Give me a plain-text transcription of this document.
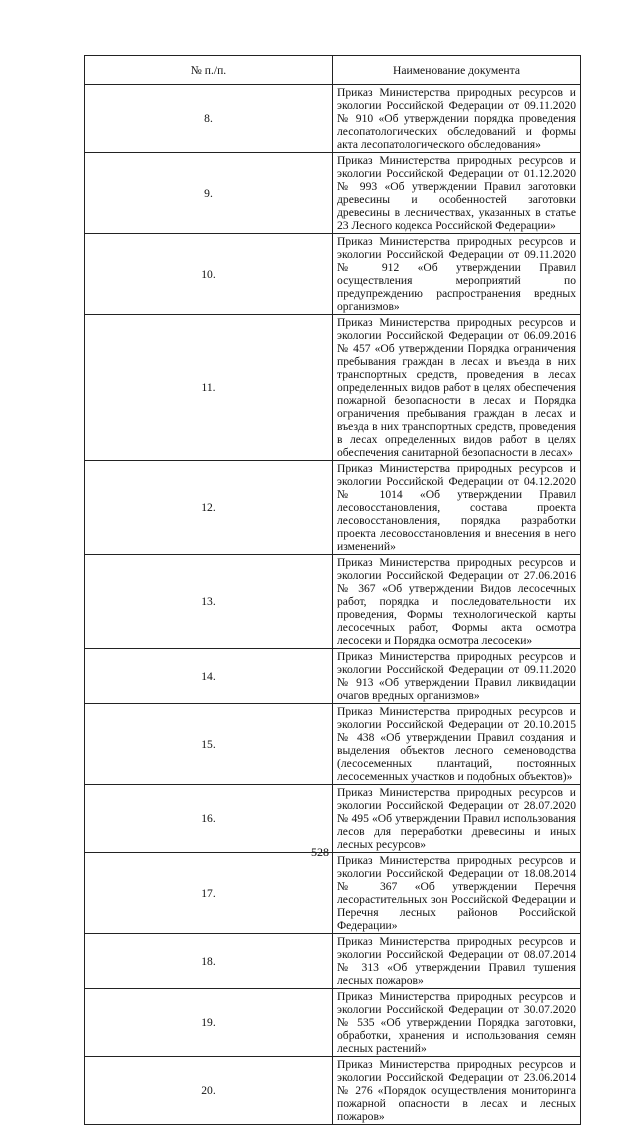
№ п./п.	Наименование документа
8.	Приказ Министерства природных ресурсов и экологии Российской Федерации от 09.11.2020 № 910 «Об утверждении порядка проведения лесопатологических обследований и формы акта лесопатологического обследования»
9.	Приказ Министерства природных ресурсов и экологии Российской Федерации от 01.12.2020 № 993 «Об утверждении Правил заготовки древесины и особенностей заготовки древесины в лесничествах, указанных в статье 23 Лесного кодекса Российской Федерации»
10.	Приказ Министерства природных ресурсов и экологии Российской Федерации от 09.11.2020 № 912 «Об утверждении Правил осуществления мероприятий по предупреждению распространения вредных организмов»
11.	Приказ Министерства природных ресурсов и экологии Российской Федерации от 06.09.2016 № 457 «Об утверждении Порядка ограничения пребывания граждан в лесах и въезда в них транспортных средств, проведения в лесах определенных видов работ в целях обеспечения пожарной безопасности в лесах и Порядка ограничения пребывания граждан в лесах и въезда в них транспортных средств, проведения в лесах определенных видов работ в целях обеспечения санитарной безопасности в лесах»
12.	Приказ Министерства природных ресурсов и экологии Российской Федерации от 04.12.2020 № 1014 «Об утверждении Правил лесовосстановления, состава проекта лесовосстановления, порядка разработки проекта лесовосстановления и внесения в него изменений»
13.	Приказ Министерства природных ресурсов и экологии Российской Федерации от 27.06.2016 № 367 «Об утверждении Видов лесосечных работ, порядка и последовательности их проведения, Формы технологической карты лесосечных работ, Формы акта осмотра лесосеки и Порядка осмотра лесосеки»
14.	Приказ Министерства природных ресурсов и экологии Российской Федерации от 09.11.2020 № 913 «Об утверждении Правил ликвидации очагов вредных организмов»
15.	Приказ Министерства природных ресурсов и экологии Российской Федерации от 20.10.2015 № 438 «Об утверждении Правил создания и выделения объектов лесного семеноводства (лесосеменных плантаций, постоянных лесосеменных участков и подобных объектов)»
16.	Приказ Министерства природных ресурсов и экологии Российской Федерации от 28.07.2020 № 495 «Об утверждении Правил использования лесов для переработки древесины и иных лесных ресурсов»
17.	Приказ Министерства природных ресурсов и экологии Российской Федерации от 18.08.2014 № 367 «Об утверждении Перечня лесорастительных зон Российской Федерации и Перечня лесных районов Российской Федерации»
18.	Приказ Министерства природных ресурсов и экологии Российской Федерации от 08.07.2014 № 313 «Об утверждении Правил тушения лесных пожаров»
19.	Приказ Министерства природных ресурсов и экологии Российской Федерации от 30.07.2020 № 535 «Об утверждении Порядка заготовки, обработки, хранения и использования семян лесных растений»
20.	Приказ Министерства природных ресурсов и экологии Российской Федерации от 23.06.2014 № 276 «Порядок осуществления мониторинга пожарной опасности в лесах и лесных пожаров»
528
